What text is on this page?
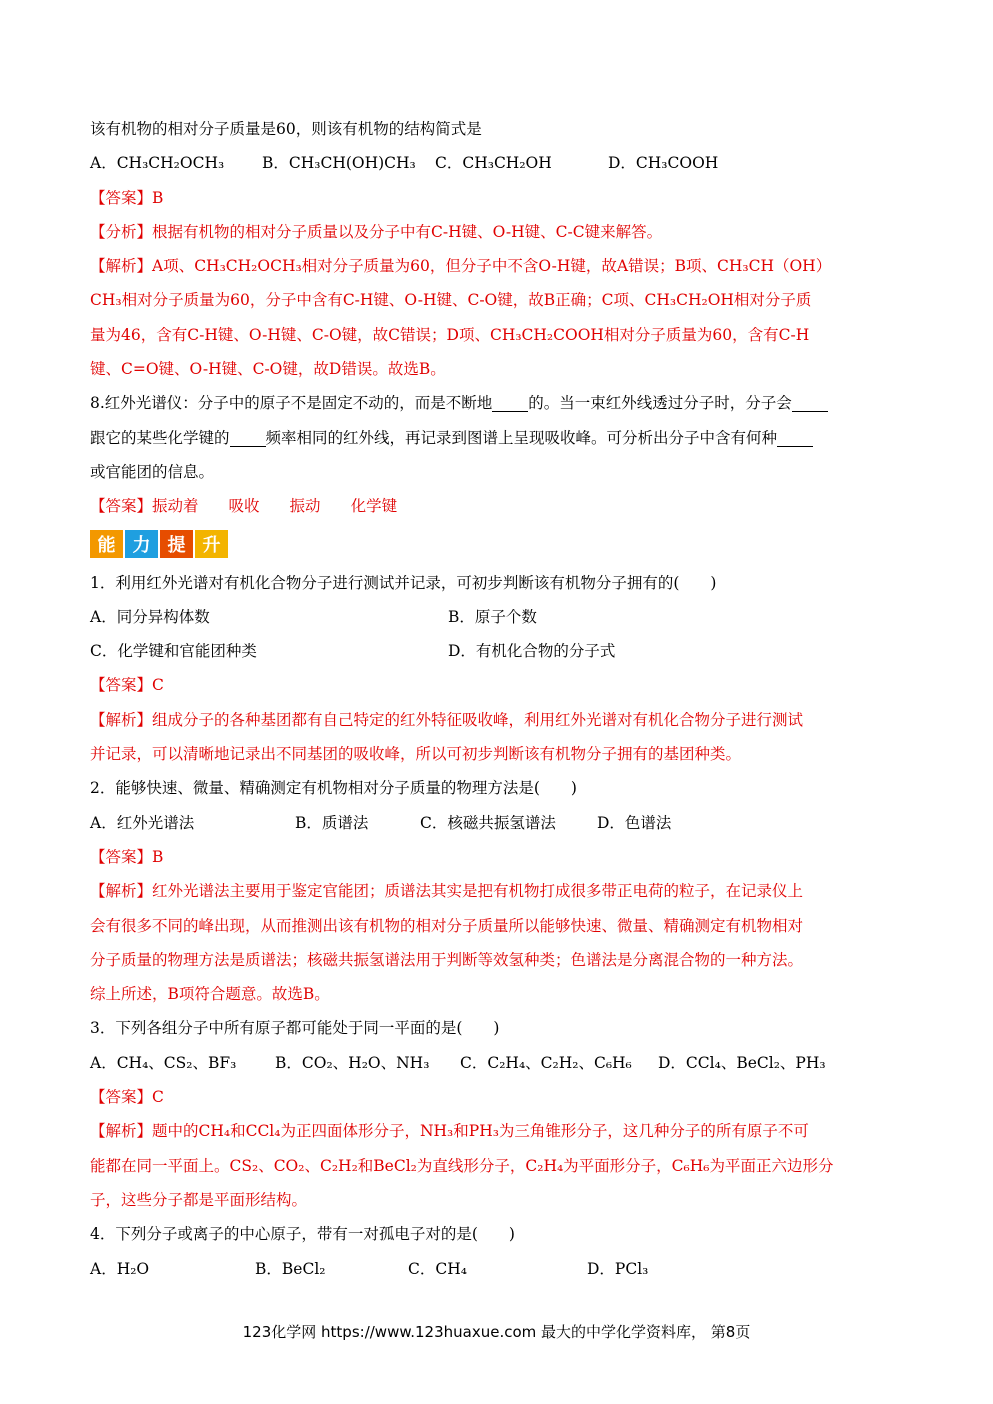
该有机物的相对分子质量是60，则该有机物的结构简式是
A．CH₃CH₂OCH₃ B．CH₃CH(OH)CH₃ C．CH₃CH₂OH	D．CH₃COOH
【答案】B
【分析】根据有机物的相对分子质量以及分子中有C-H键、O-H键、C-C键来解答。
【解析】A项、CH₃CH₂OCH₃相对分子质量为60，但分子中不含O-H键，故A错误；B项、CH₃CH（OH）
CH₃相对分子质量为60，分子中含有C-H键、O-H键、C-O键，故B正确；C项、CH₃CH₂OH相对分子质
量为46，含有C-H键、O-H键、C-O键，故C错误；D项、CH₃CH₂COOH相对分子质量为60，含有C-H
键、C=O键、O-H键、C-O键，故D错误。故选B。
8.红外光谱仪：分子中的原子不是固定不动的，而是不断地 的。当一束红外线透过分子时，分子会
跟它的某些化学键的 频率相同的红外线，再记录到图谱上呈现吸收峰。可分析出分子中含有何种
或官能团的信息。
【答案】振动着 吸收 振动 化学键
能 力 提 升
1．利用红外光谱对有机化合物分子进行测试并记录，可初步判断该有机物分子拥有的(　　)
A．同分异构体数	B．原子个数
C．化学键和官能团种类	D．有机化合物的分子式
【答案】C
【解析】组成分子的各种基团都有自己特定的红外特征吸收峰，利用红外光谱对有机化合物分子进行测试
并记录，可以清晰地记录出不同基团的吸收峰，所以可初步判断该有机物分子拥有的基团种类。
2．能够快速、微量、精确测定有机物相对分子质量的物理方法是(　　)
A．红外光谱法	B．质谱法	C．核磁共振氢谱法	D．色谱法
【答案】B
【解析】红外光谱法主要用于鉴定官能团；质谱法其实是把有机物打成很多带正电荷的粒子，在记录仪上
会有很多不同的峰出现，从而推测出该有机物的相对分子质量所以能够快速、微量、精确测定有机物相对
分子质量的物理方法是质谱法；核磁共振氢谱法用于判断等效氢种类；色谱法是分离混合物的一种方法。
综上所述，B项符合题意。故选B。
3．下列各组分子中所有原子都可能处于同一平面的是(　　)
A．CH₄、CS₂、BF₃ B．CO₂、H₂O、NH₃ C．C₂H₄、C₂H₂、C₆H₆ D．CCl₄、BeCl₂、PH₃
【答案】C
【解析】题中的CH₄和CCl₄为正四面体形分子，NH₃和PH₃为三角锥形分子，这几种分子的所有原子不可
能都在同一平面上。CS₂、CO₂、C₂H₂和BeCl₂为直线形分子，C₂H₄为平面形分子，C₆H₆为平面正六边形分
子，这些分子都是平面形结构。
4．下列分子或离子的中心原子，带有一对孤电子对的是(　　)
A．H₂O	B．BeCl₂	C．CH₄	D．PCl₃
123化学网 https://www.123huaxue.com 最大的中学化学资料库， 第8页
